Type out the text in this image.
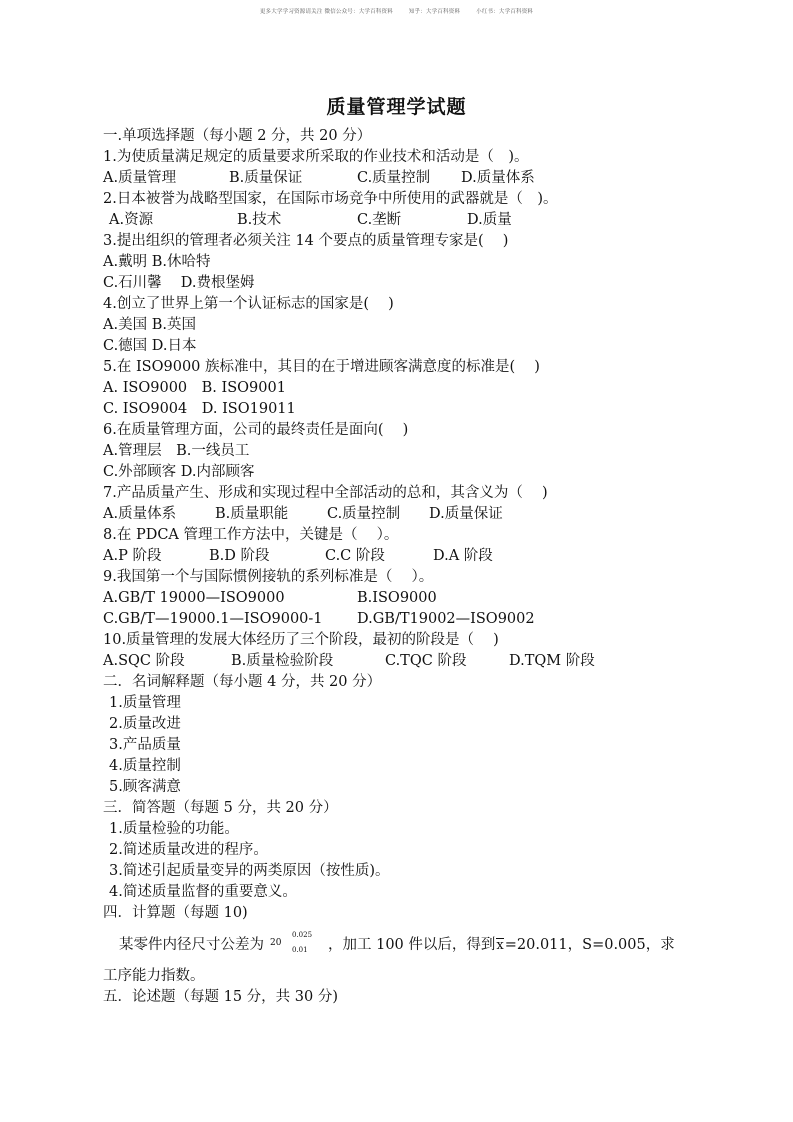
更多大学学习资源请关注 微信公众号：大学百科资料	知乎：大学百科资料	小红书：大学百科资料
质量管理学试题
一.单项选择题（每小题 2 分，共 20 分）
1.为使质量满足规定的质量要求所采取的作业技术和活动是（　)。
A.质量管理	B.质量保证	C.质量控制 D.质量体系
2.日本被誉为战略型国家，在国际市场竞争中所使用的武器就是（　)。
A.资源	B.技术	C.垄断	D.质量
3.提出组织的管理者必须关注 14 个要点的质量管理专家是(　 )
A.戴明 B.休哈特
C.石川馨　 D.费根堡姆
4.创立了世界上第一个认证标志的国家是(　 )
A.美国 B.英国
C.德国 D.日本
5.在 ISO9000 族标准中，其目的在于增进顾客满意度的标准是(　 )
A. ISO9000　B. ISO9001
C. ISO9004　D. ISO19011
6.在质量管理方面，公司的最终责任是面向(　 )
A.管理层　B.一线员工
C.外部顾客 D.内部顾客
7.产品质量产生、形成和实现过程中全部活动的总和，其含义为（　 )
A.质量体系	B.质量职能	C.质量控制 D.质量保证
8.在 PDCA 管理工作方法中，关键是（　 ）。
A.P 阶段	B.D 阶段	C.C 阶段	D.A 阶段
9.我国第一个与国际惯例接轨的系列标准是（　 ）。
A.GB/T 19000—ISO9000	B.ISO9000
C.GB/T—19000.1—ISO9000-1 D.GB/T19002—ISO9002
10.质量管理的发展大体经历了三个阶段，最初的阶段是（　 )
A.SQC 阶段	B.质量检验阶段	C.TQC 阶段	D.TQM 阶段
二．名词解释题（每小题 4 分，共 20 分）
1.质量管理
2.质量改进
3.产品质量
4.质量控制
5.顾客满意
三．简答题（每题 5 分，共 20 分）
1.质量检验的功能。
2.简述质量改进的程序。
3.简述引起质量变异的两类原因（按性质)。
4.简述质量监督的重要意义。
四．计算题（每题 10)
某零件内径尺寸公差为 20
0.025
0.01 ，加工 100 件以后，得到x=20.011，S=0.005，求
工序能力指数。
五．论述题（每题 15 分，共 30 分)
